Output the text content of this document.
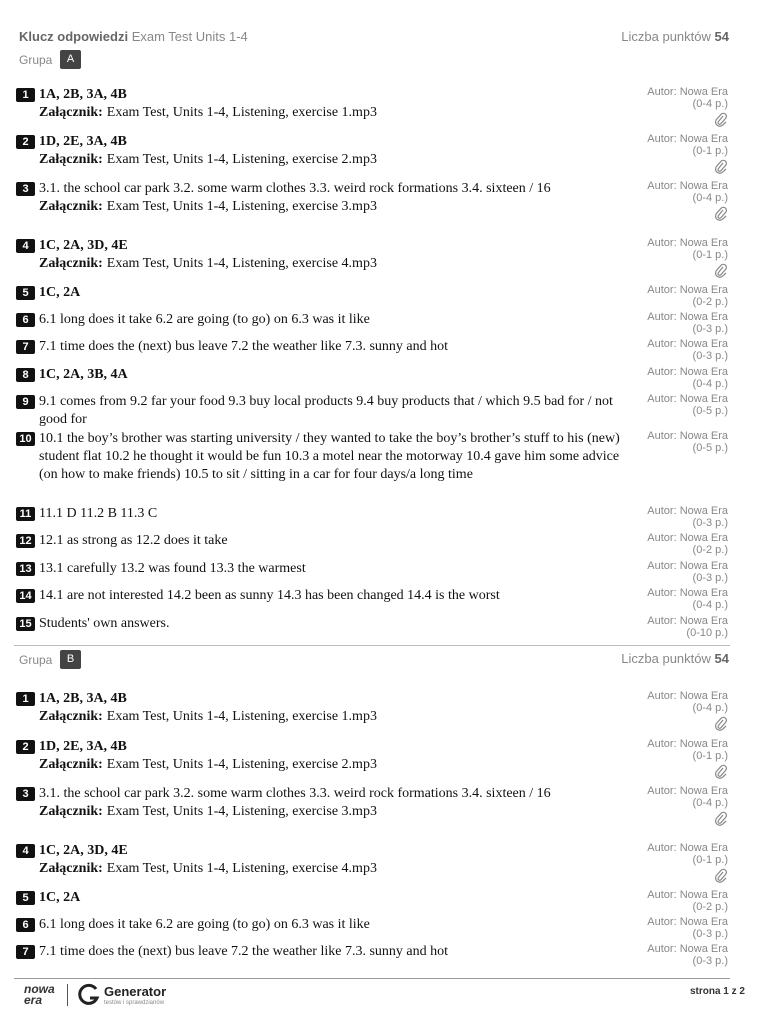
Klucz odpowiedzi Exam Test Units 1-4	Liczba punktów 54
Grupa	A
1 1A, 2B, 3A, 4B
Załącznik: Exam Test, Units 1-4, Listening, exercise 1.mp3
Autor: Nowa Era
(0-4 p.)
2 1D, 2E, 3A, 4B
Załącznik: Exam Test, Units 1-4, Listening, exercise 2.mp3
Autor: Nowa Era
(0-1 p.)
3 3.1. the school car park 3.2. some warm clothes 3.3. weird rock formations 3.4. sixteen / 16
Załącznik: Exam Test, Units 1-4, Listening, exercise 3.mp3
Autor: Nowa Era
(0-4 p.)
4 1C, 2A, 3D, 4E
Załącznik: Exam Test, Units 1-4, Listening, exercise 4.mp3
Autor: Nowa Era
(0-1 p.)
5 1C, 2A	Autor: Nowa Era
(0-2 p.)
6 6.1 long does it take 6.2 are going (to go) on 6.3 was it like	Autor: Nowa Era
(0-3 p.)
7 7.1 time does the (next) bus leave 7.2 the weather like 7.3. sunny and hot	Autor: Nowa Era
(0-3 p.)
8 1C, 2A, 3B, 4A	Autor: Nowa Era
(0-4 p.)
9 9.1 comes from 9.2 far your food 9.3 buy local products 9.4 buy products that / which 9.5 bad for / not good for
Autor: Nowa Era
(0-5 p.)
10 10.1 the boy’s brother was starting university / they wanted to take the boy’s brother’s stuff to his (new) student flat 10.2 he thought it would be fun 10.3 a motel near the motorway 10.4 gave him some advice (on how to make friends) 10.5 to sit / sitting in a car for four days/a long time
Autor: Nowa Era
(0-5 p.)
11 11.1 D 11.2 B 11.3 C	Autor: Nowa Era
(0-3 p.)
12 12.1 as strong as 12.2 does it take	Autor: Nowa Era
(0-2 p.)
13 13.1 carefully 13.2 was found 13.3 the warmest	Autor: Nowa Era
(0-3 p.)
14 14.1 are not interested 14.2 been as sunny 14.3 has been changed 14.4 is the worst	Autor: Nowa Era
(0-4 p.)
15 Students' own answers.	Autor: Nowa Era
(0-10 p.)
Grupa	B	Liczba punktów 54
1 1A, 2B, 3A, 4B
Załącznik: Exam Test, Units 1-4, Listening, exercise 1.mp3
Autor: Nowa Era
(0-4 p.)
2 1D, 2E, 3A, 4B
Załącznik: Exam Test, Units 1-4, Listening, exercise 2.mp3
Autor: Nowa Era
(0-1 p.)
3 3.1. the school car park 3.2. some warm clothes 3.3. weird rock formations 3.4. sixteen / 16
Załącznik: Exam Test, Units 1-4, Listening, exercise 3.mp3
Autor: Nowa Era
(0-4 p.)
4 1C, 2A, 3D, 4E
Załącznik: Exam Test, Units 1-4, Listening, exercise 4.mp3
Autor: Nowa Era
(0-1 p.)
5 1C, 2A	Autor: Nowa Era
(0-2 p.)
6 6.1 long does it take 6.2 are going (to go) on 6.3 was it like	Autor: Nowa Era
(0-3 p.)
7 7.1 time does the (next) bus leave 7.2 the weather like 7.3. sunny and hot	Autor: Nowa Era
(0-3 p.)
nowa
era
Generator
testów i sprawdzianów
strona 1 z 2
